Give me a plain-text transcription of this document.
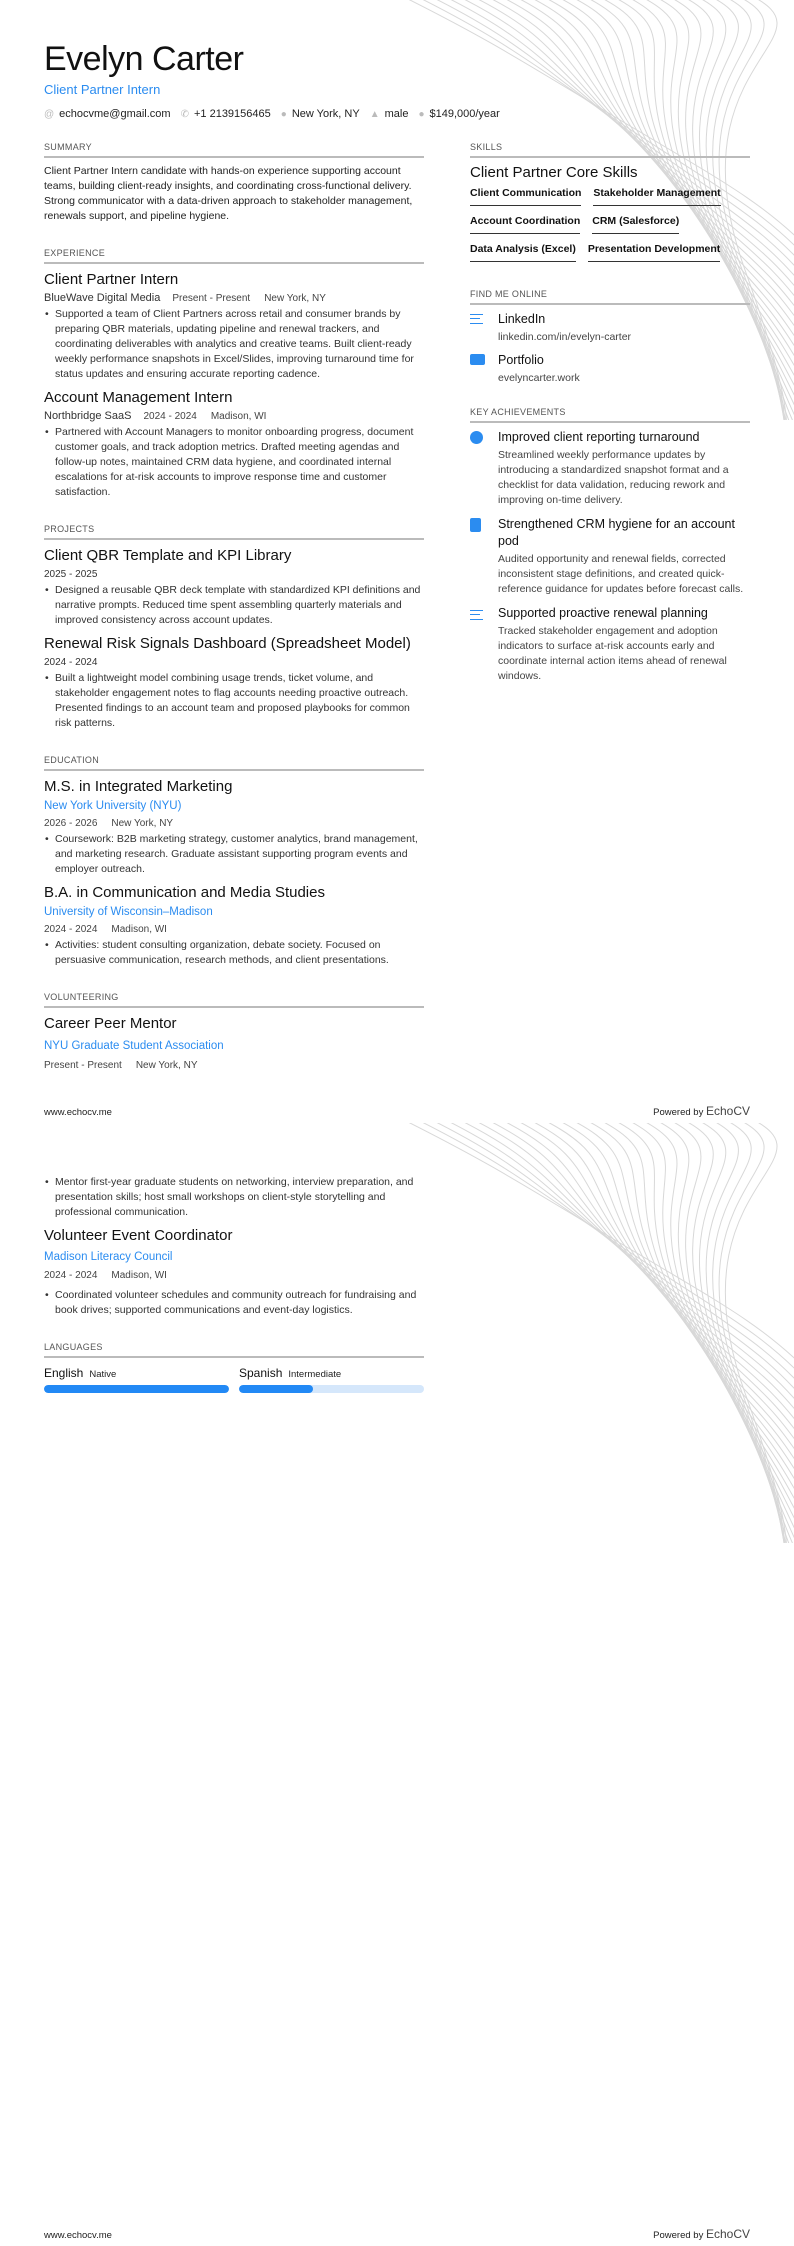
Evelyn Carter
Client Partner Intern
@ echocvme@gmail.com ✆ +1 2139156465 ● New York, NY ▲ male ● $149,000/year
SUMMARY
Client Partner Intern candidate with hands-on experience supporting account teams, building client-ready insights, and coordinating cross-functional delivery. Strong communicator with a data-driven approach to stakeholder management, renewals support, and pipeline hygiene.
EXPERIENCE
Client Partner Intern
BlueWave Digital Media Present - Present New York, NY
• Supported a team of Client Partners across retail and consumer brands by preparing QBR materials, updating pipeline and renewal trackers, and coordinating deliverables with analytics and creative teams. Built client-ready weekly performance snapshots in Excel/Slides, improving turnaround time for status updates and ensuring accurate reporting cadence.
Account Management Intern
Northbridge SaaS 2024 - 2024 Madison, WI
• Partnered with Account Managers to monitor onboarding progress, document customer goals, and track adoption metrics. Drafted meeting agendas and follow-up notes, maintained CRM data hygiene, and coordinated internal escalations for at-risk accounts to improve response time and customer satisfaction.
PROJECTS
Client QBR Template and KPI Library
2025 - 2025
• Designed a reusable QBR deck template with standardized KPI definitions and narrative prompts. Reduced time spent assembling quarterly materials and improved consistency across account updates.
Renewal Risk Signals Dashboard (Spreadsheet Model)
2024 - 2024
• Built a lightweight model combining usage trends, ticket volume, and stakeholder engagement notes to flag accounts needing proactive outreach. Presented findings to an account team and proposed playbooks for common risk patterns.
EDUCATION
M.S. in Integrated Marketing
New York University (NYU)
2026 - 2026 New York, NY
• Coursework: B2B marketing strategy, customer analytics, brand management, and marketing research. Graduate assistant supporting program events and employer outreach.
B.A. in Communication and Media Studies
University of Wisconsin–Madison
2024 - 2024 Madison, WI
• Activities: student consulting organization, debate society. Focused on persuasive communication, research methods, and client presentations.
VOLUNTEERING
Career Peer Mentor
NYU Graduate Student Association
Present - Present New York, NY
SKILLS
Client Partner Core Skills
Client Communication Stakeholder Management
Account Coordination CRM (Salesforce)
Data Analysis (Excel) Presentation Development
FIND ME ONLINE
LinkedIn
linkedin.com/in/evelyn-carter
Portfolio
evelyncarter.work
KEY ACHIEVEMENTS
Improved client reporting turnaround
Streamlined weekly performance updates by introducing a standardized snapshot format and a checklist for data validation, reducing rework and improving on-time delivery.
Strengthened CRM hygiene for an account pod
Audited opportunity and renewal fields, corrected inconsistent stage definitions, and created quick-reference guidance for updates before forecast calls.
Supported proactive renewal planning
Tracked stakeholder engagement and adoption indicators to surface at-risk accounts early and coordinate internal action items ahead of renewal windows.
www.echocv.me	Powered by EchoCV
• Mentor first-year graduate students on networking, interview preparation, and presentation skills; host small workshops on client-style storytelling and professional communication.
Volunteer Event Coordinator
Madison Literacy Council
2024 - 2024 Madison, WI
• Coordinated volunteer schedules and community outreach for fundraising and book drives; supported communications and event-day logistics.
LANGUAGES
English Native	Spanish Intermediate
www.echocv.me	Powered by EchoCV
